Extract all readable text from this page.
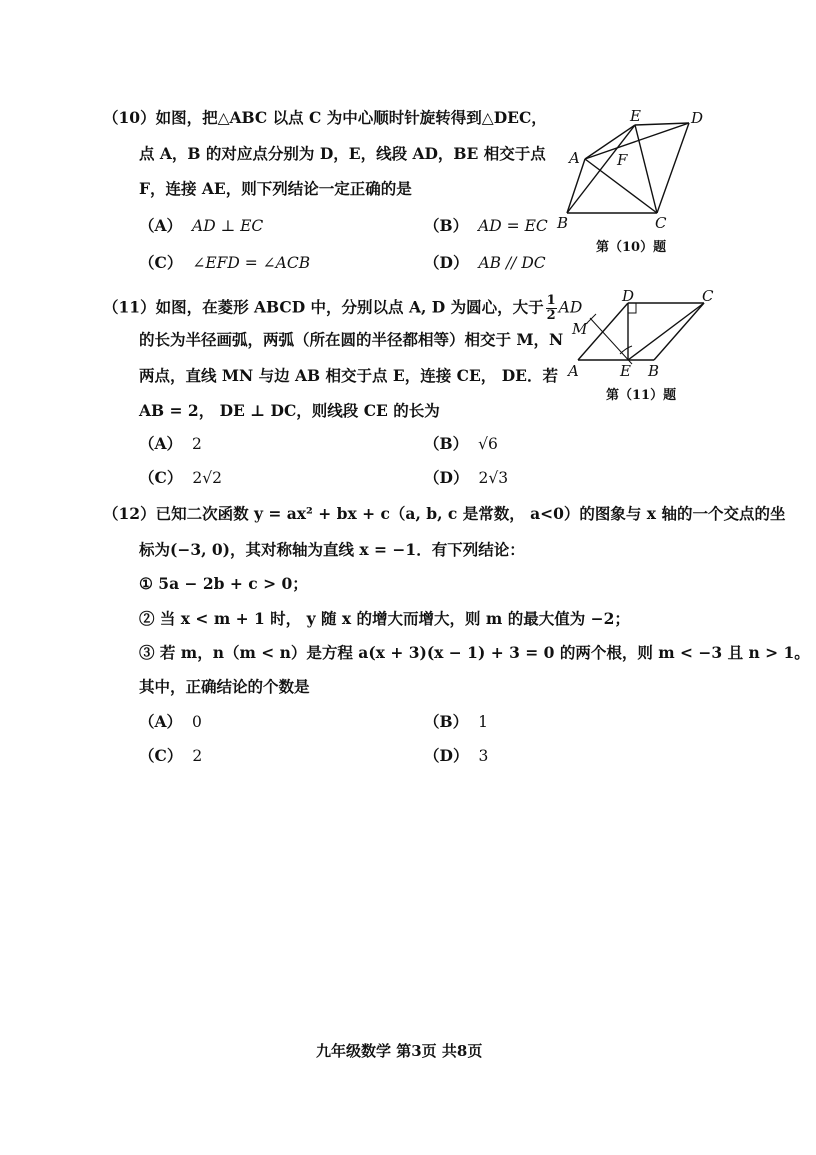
（10）如图，把△ABC 以点 C 为中心顺时针旋转得到△DEC，
点 A，B 的对应点分别为 D，E，线段 AD，BE 相交于点
F，连接 AE，则下列结论一定正确的是
（A） AD ⊥ EC	（B） AD = EC
（C） ∠EFD = ∠ACB	（D） AB // DC
E	D
A F
B	C
第（10）题
（11）如图，在菱形 ABCD 中，分别以点 A, D 为圆心，大于 $\frac{1}{2}$ AD
的长为半径画弧，两弧（所在圆的半径都相等）相交于 M，N
两点，直线 MN 与边 AB 相交于点 E，连接 CE， DE．若
AB = 2， DE ⊥ DC，则线段 CE 的长为
（A） 2	（B） √6
（C） 2√2	（D） 2√3
D	C
M
A	E B
第（11）题
（12）已知二次函数 y = ax² + bx + c（a, b, c 是常数， a<0）的图象与 x 轴的一个交点的坐
标为(−3, 0)，其对称轴为直线 x = −1．有下列结论：
① 5a − 2b + c > 0；
② 当 x < m + 1 时， y 随 x 的增大而增大，则 m 的最大值为 −2；
③ 若 m，n（m < n）是方程 a(x + 3)(x − 1) + 3 = 0 的两个根，则 m < −3 且 n > 1。
其中，正确结论的个数是
（A） 0	（B） 1
（C） 2	（D） 3
九年级数学 第3页 共8页
